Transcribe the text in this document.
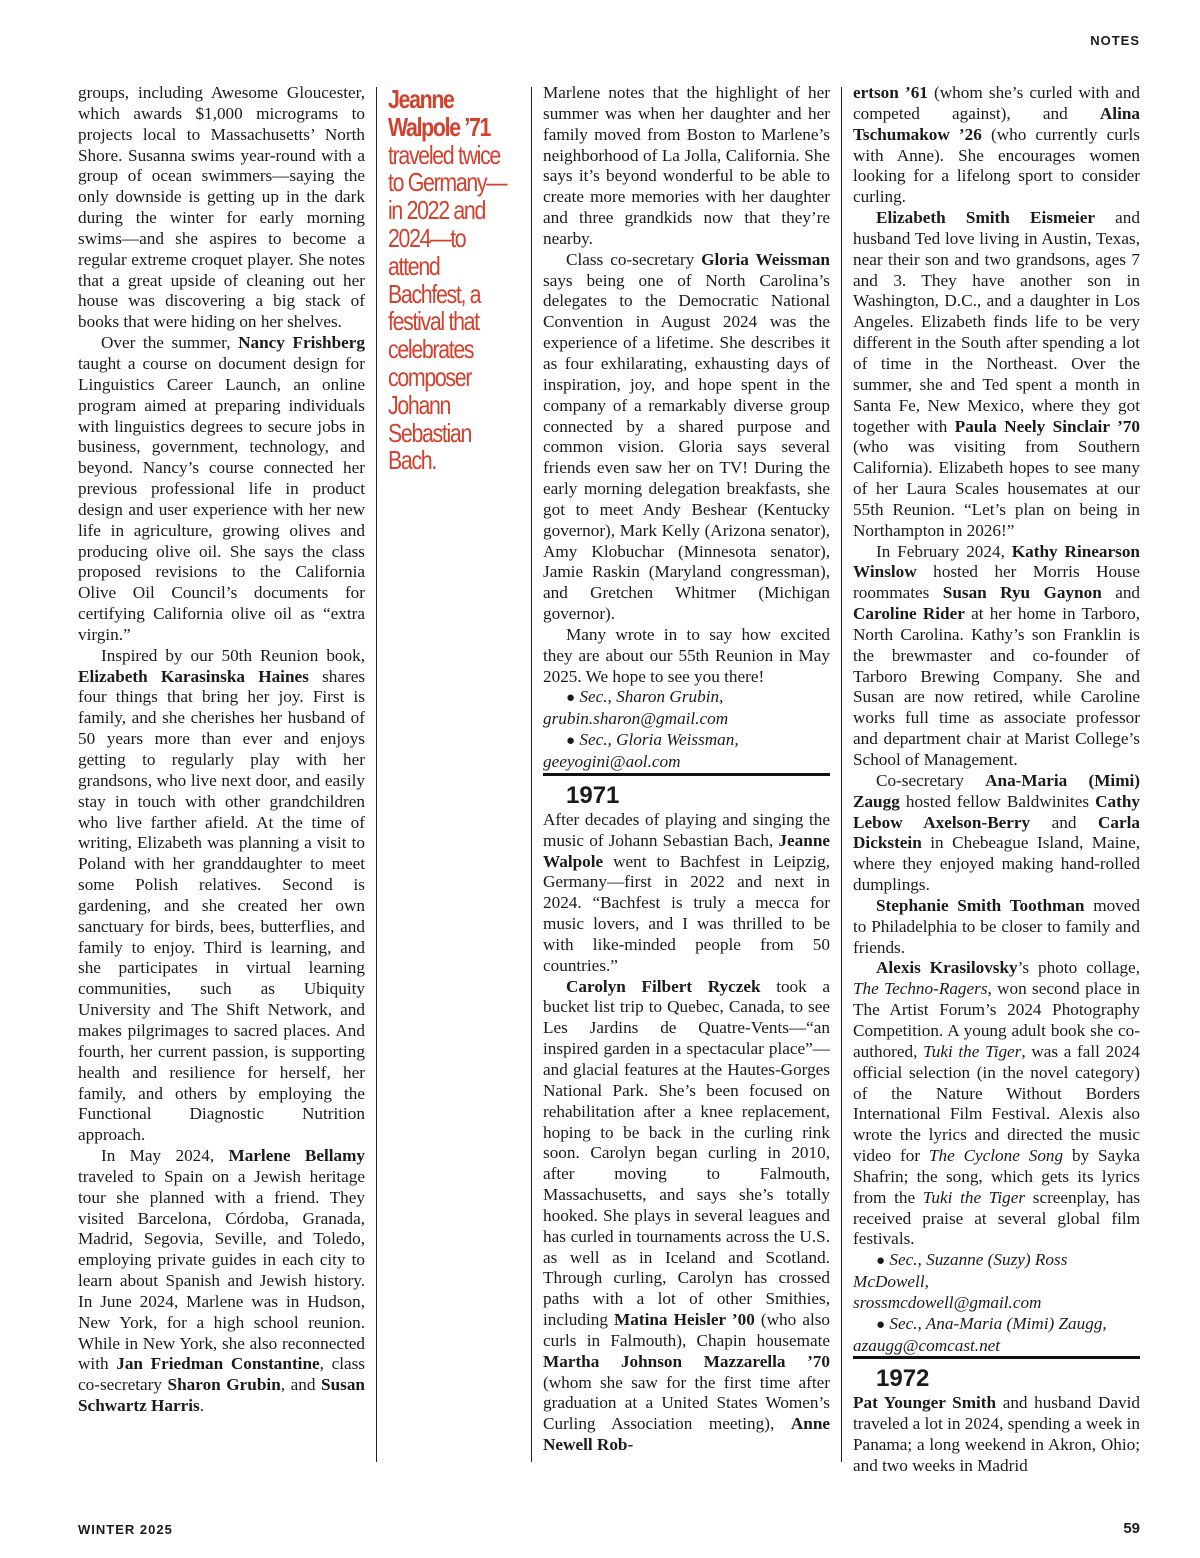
NOTES

groups, including Awesome Gloucester, which awards $1,000 micrograms to projects local to Massachusetts’ North Shore. Susanna swims year-round with a group of ocean swimmers—saying the only downside is getting up in the dark during the winter for early morning swims—and she aspires to become a regular extreme croquet player. She notes that a great upside of cleaning out her house was discovering a big stack of books that were hiding on her shelves.

Over the summer, Nancy Frishberg taught a course on document design for Linguistics Career Launch, an online program aimed at preparing individuals with linguistics degrees to secure jobs in business, government, technology, and beyond. Nancy’s course connected her previous professional life in product design and user experience with her new life in agriculture, growing olives and producing olive oil. She says the class proposed revisions to the California Olive Oil Council’s documents for certifying California olive oil as “extra virgin.”

Inspired by our 50th Reunion book, Elizabeth Karasinska Haines shares four things that bring her joy. First is family, and she cherishes her husband of 50 years more than ever and enjoys getting to regularly play with her grandsons, who live next door, and easily stay in touch with other grandchildren who live farther afield. At the time of writing, Elizabeth was planning a visit to Poland with her granddaughter to meet some Polish relatives. Second is gardening, and she created her own sanctuary for birds, bees, butterflies, and family to enjoy. Third is learning, and she participates in virtual learning communities, such as Ubiquity University and The Shift Network, and makes pilgrimages to sacred places. And fourth, her current passion, is supporting health and resilience for herself, her family, and others by employing the Functional Diagnostic Nutrition approach.

In May 2024, Marlene Bellamy traveled to Spain on a Jewish heritage tour she planned with a friend. They visited Barcelona, Córdoba, Granada, Madrid, Segovia, Seville, and Toledo, employing private guides in each city to learn about Spanish and Jewish history. In June 2024, Marlene was in Hudson, New York, for a high school reunion. While in New York, she also reconnected with Jan Friedman Constantine, class co-secretary Sharon Grubin, and Susan Schwartz Harris.

Jeanne Walpole ’71
traveled twice to Germany— in 2022 and 2024—to attend Bachfest, a festival that celebrates composer Johann Sebastian Bach.

Marlene notes that the highlight of her summer was when her daughter and her family moved from Boston to Marlene’s neighborhood of La Jolla, California. She says it’s beyond wonderful to be able to create more memories with her daughter and three grandkids now that they’re nearby.

Class co-secretary Gloria Weissman says being one of North Carolina’s delegates to the Democratic National Convention in August 2024 was the experience of a lifetime. She describes it as four exhilarating, exhausting days of inspiration, joy, and hope spent in the company of a remarkably diverse group connected by a shared purpose and common vision. Gloria says several friends even saw her on TV! During the early morning delegation breakfasts, she got to meet Andy Beshear (Kentucky governor), Mark Kelly (Arizona senator), Amy Klobuchar (Minnesota senator), Jamie Raskin (Maryland congressman), and Gretchen Whitmer (Michigan governor).

Many wrote in to say how excited they are about our 55th Reunion in May 2025. We hope to see you there!

● Sec., Sharon Grubin,
grubin.sharon@gmail.com

● Sec., Gloria Weissman,
geeyogini@aol.com

1971

After decades of playing and singing the music of Johann Sebastian Bach, Jeanne Walpole went to Bachfest in Leipzig, Germany—first in 2022 and next in 2024. “Bachfest is truly a mecca for music lovers, and I was thrilled to be with like-minded people from 50 countries.”

Carolyn Filbert Ryczek took a bucket list trip to Quebec, Canada, to see Les Jardins de Quatre-Vents—“an inspired garden in a spectacular place”—and glacial features at the Hautes-Gorges National Park. She’s been focused on rehabilitation after a knee replacement, hoping to be back in the curling rink soon. Carolyn began curling in 2010, after moving to Falmouth, Massachusetts, and says she’s totally hooked. She plays in several leagues and has curled in tournaments across the U.S. as well as in Iceland and Scotland. Through curling, Carolyn has crossed paths with a lot of other Smithies, including Matina Heisler ’00 (who also curls in Falmouth), Chapin housemate Martha Johnson Mazzarella ’70 (whom she saw for the first time after graduation at a United States Women’s Curling Association meeting), Anne Newell Rob-

ertson ’61 (whom she’s curled with and competed against), and Alina Tschumakow ’26 (who currently curls with Anne). She encourages women looking for a lifelong sport to consider curling.

Elizabeth Smith Eismeier and husband Ted love living in Austin, Texas, near their son and two grandsons, ages 7 and 3. They have another son in Washington, D.C., and a daughter in Los Angeles. Elizabeth finds life to be very different in the South after spending a lot of time in the Northeast. Over the summer, she and Ted spent a month in Santa Fe, New Mexico, where they got together with Paula Neely Sinclair ’70 (who was visiting from Southern California). Elizabeth hopes to see many of her Laura Scales housemates at our 55th Reunion. “Let’s plan on being in Northampton in 2026!”

In February 2024, Kathy Rinearson Winslow hosted her Morris House roommates Susan Ryu Gaynon and Caroline Rider at her home in Tarboro, North Carolina. Kathy’s son Franklin is the brewmaster and co-founder of Tarboro Brewing Company. She and Susan are now retired, while Caroline works full time as associate professor and department chair at Marist College’s School of Management.

Co-secretary Ana-Maria (Mimi) Zaugg hosted fellow Baldwinites Cathy Lebow Axelson-Berry and Carla Dickstein in Chebeague Island, Maine, where they enjoyed making hand-rolled dumplings.

Stephanie Smith Toothman moved to Philadelphia to be closer to family and friends.

Alexis Krasilovsky’s photo collage, The Techno-Ragers, won second place in The Artist Forum’s 2024 Photography Competition. A young adult book she co-authored, Tuki the Tiger, was a fall 2024 official selection (in the novel category) of the Nature Without Borders International Film Festival. Alexis also wrote the lyrics and directed the music video for The Cyclone Song by Sayka Shafrin; the song, which gets its lyrics from the Tuki the Tiger screenplay, has received praise at several global film festivals.

● Sec., Suzanne (Suzy) Ross McDowell,
srossmcdowell@gmail.com

● Sec., Ana-Maria (Mimi) Zaugg,
azaugg@comcast.net

1972

Pat Younger Smith and husband David traveled a lot in 2024, spending a week in Panama; a long weekend in Akron, Ohio; and two weeks in Madrid

WINTER 2025	59
